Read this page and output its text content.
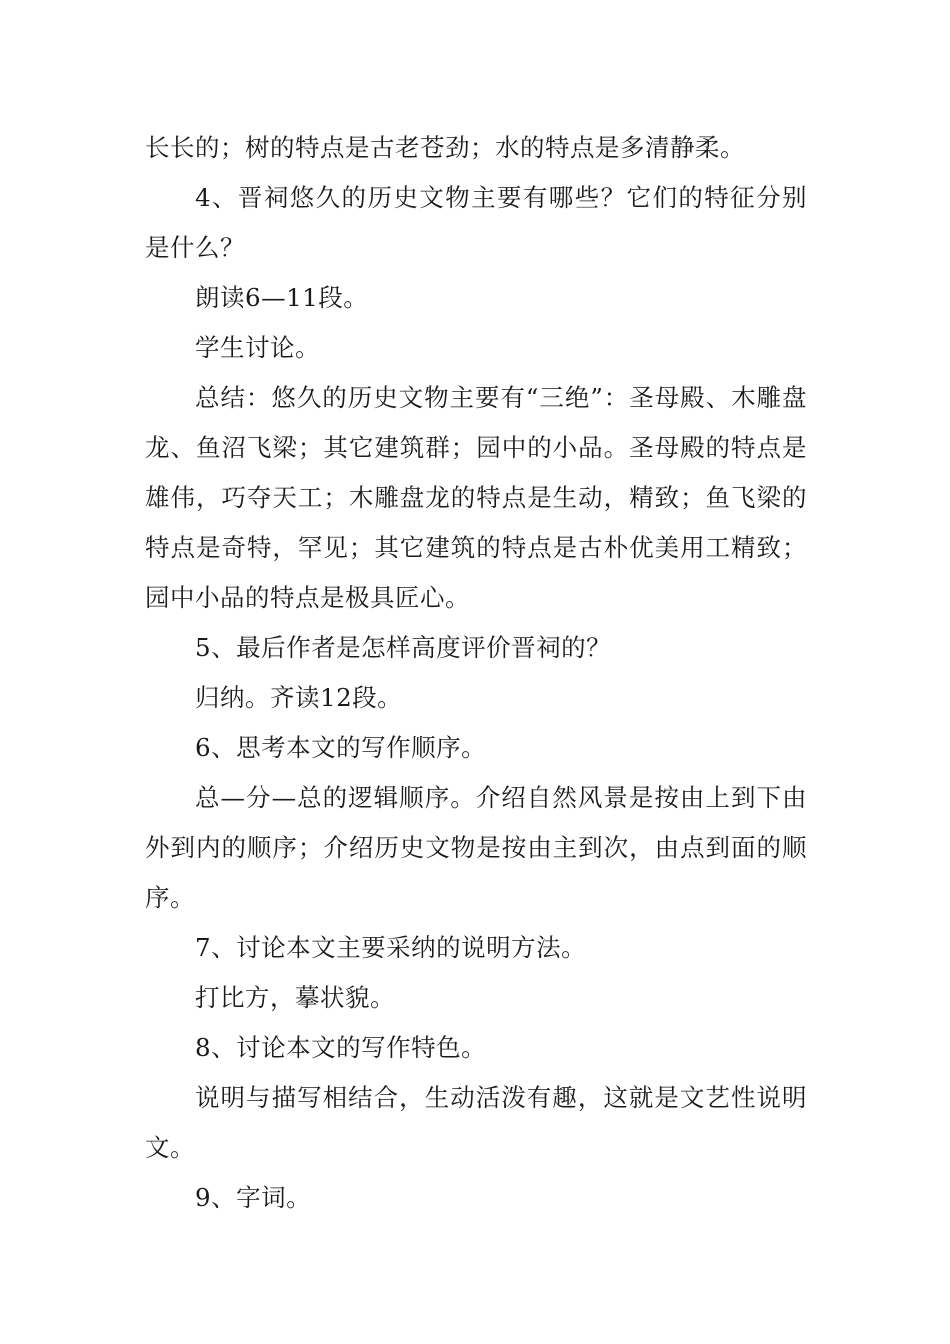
长长的；树的特点是古老苍劲；水的特点是多清静柔。

4、晋祠悠久的历史文物主要有哪些？它们的特征分别是什么？

朗读6—11段。

学生讨论。

总结：悠久的历史文物主要有“三绝”：圣母殿、木雕盘龙、鱼沼飞梁；其它建筑群；园中的小品。圣母殿的特点是雄伟，巧夺天工；木雕盘龙的特点是生动，精致；鱼飞梁的特点是奇特，罕见；其它建筑的特点是古朴优美用工精致；园中小品的特点是极具匠心。

5、最后作者是怎样高度评价晋祠的？

归纳。齐读12段。

6、思考本文的写作顺序。

总—分—总的逻辑顺序。介绍自然风景是按由上到下由外到内的顺序；介绍历史文物是按由主到次，由点到面的顺序。

7、讨论本文主要采纳的说明方法。

打比方，摹状貌。

8、讨论本文的写作特色。

说明与描写相结合，生动活泼有趣，这就是文艺性说明文。

9、字词。
